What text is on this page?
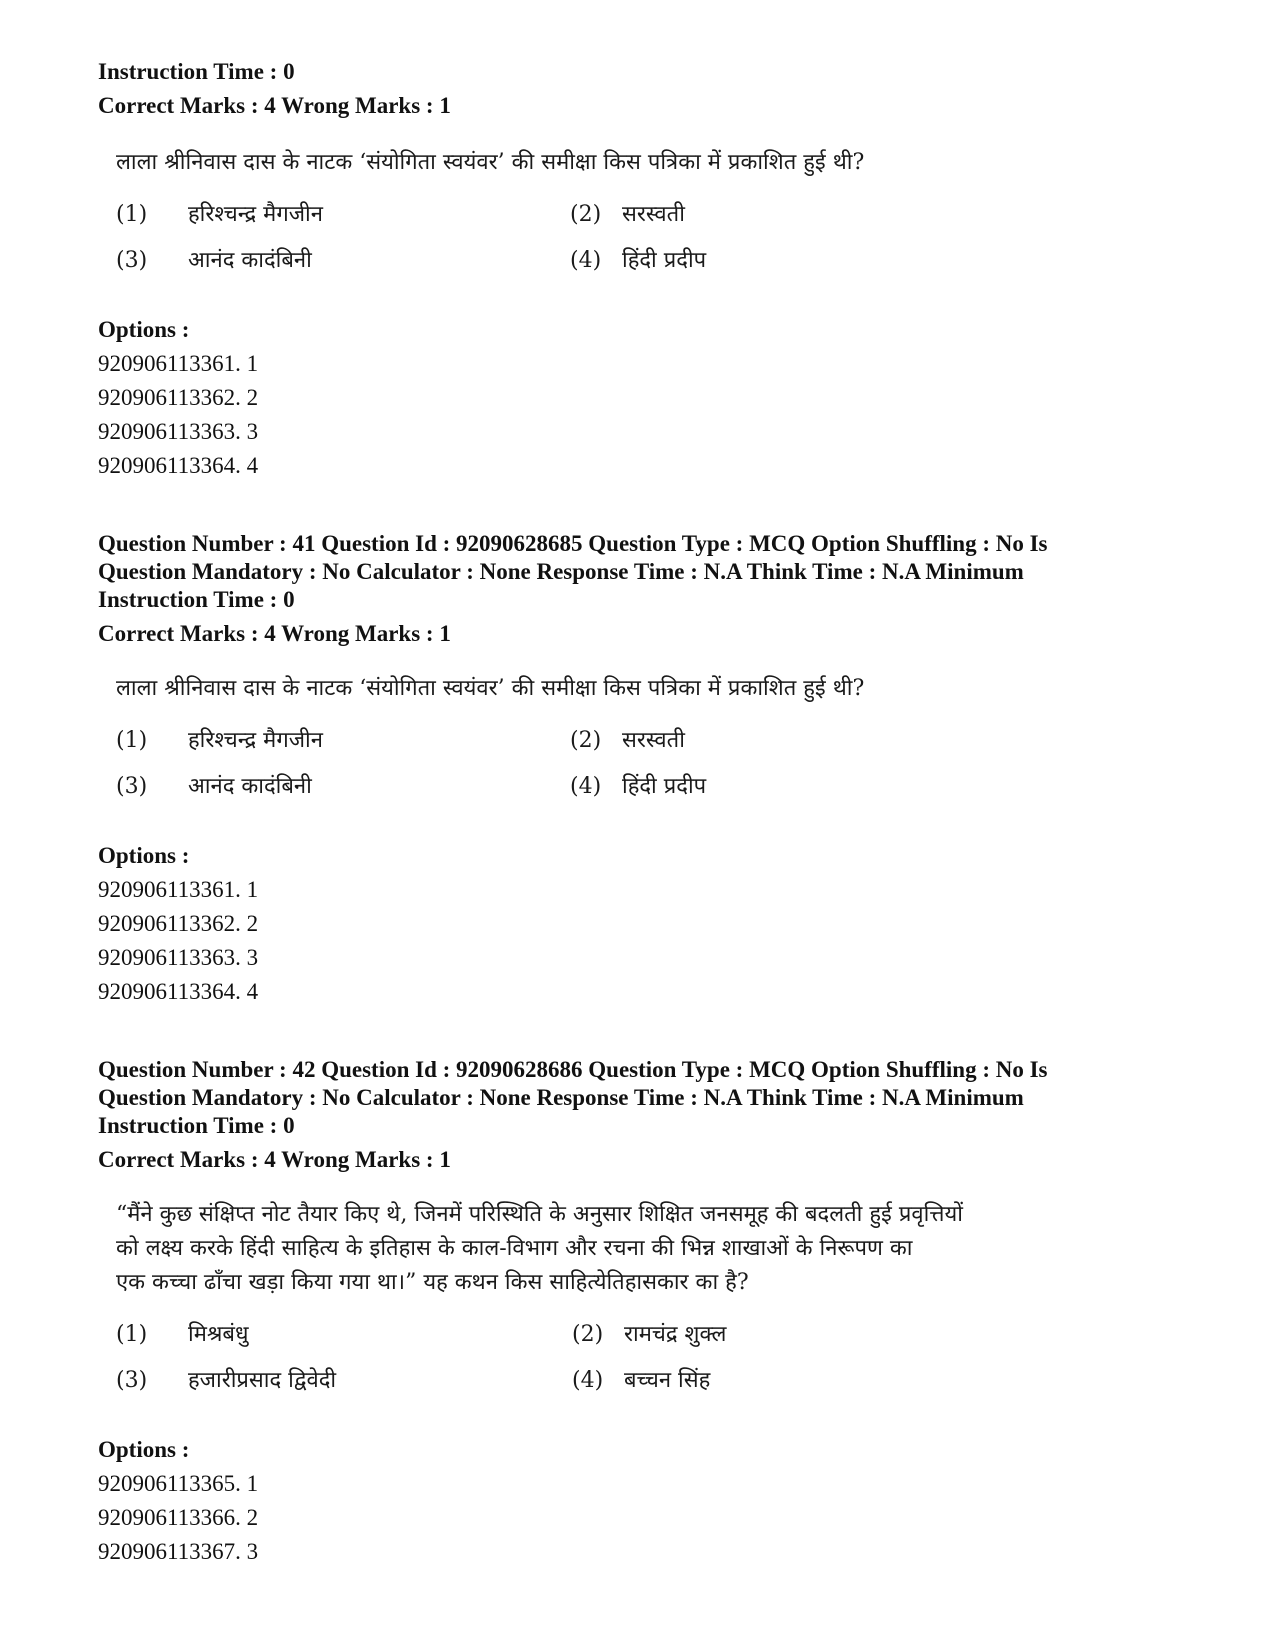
Instruction Time : 0
Correct Marks : 4 Wrong Marks : 1
लाला श्रीनिवास दास के नाटक ‘संयोगिता स्वयंवर’ की समीक्षा किस पत्रिका में प्रकाशित हुई थी?
(1) हरिश्चन्द्र मैगजीन	(2) सरस्वती
(3) आनंद कादंबिनी	(4) हिंदी प्रदीप
Options :
920906113361. 1
920906113362. 2
920906113363. 3
920906113364. 4
Question Number : 41 Question Id : 92090628685 Question Type : MCQ Option Shuffling : No Is
Question Mandatory : No Calculator : None Response Time : N.A Think Time : N.A Minimum
Instruction Time : 0
Correct Marks : 4 Wrong Marks : 1
लाला श्रीनिवास दास के नाटक ‘संयोगिता स्वयंवर’ की समीक्षा किस पत्रिका में प्रकाशित हुई थी?
(1) हरिश्चन्द्र मैगजीन	(2) सरस्वती
(3) आनंद कादंबिनी	(4) हिंदी प्रदीप
Options :
920906113361. 1
920906113362. 2
920906113363. 3
920906113364. 4
Question Number : 42 Question Id : 92090628686 Question Type : MCQ Option Shuffling : No Is
Question Mandatory : No Calculator : None Response Time : N.A Think Time : N.A Minimum
Instruction Time : 0
Correct Marks : 4 Wrong Marks : 1
“मैंने कुछ संक्षिप्त नोट तैयार किए थे, जिनमें परिस्थिति के अनुसार शिक्षित जनसमूह की बदलती हुई प्रवृत्तियों
को लक्ष्य करके हिंदी साहित्य के इतिहास के काल-विभाग और रचना की भिन्न शाखाओं के निरूपण का
एक कच्चा ढाँचा खड़ा किया गया था।” यह कथन किस साहित्येतिहासकार का है?
(1) मिश्रबंधु	(2) रामचंद्र शुक्ल
(3) हजारीप्रसाद द्विवेदी	(4) बच्चन सिंह
Options :
920906113365. 1
920906113366. 2
920906113367. 3
